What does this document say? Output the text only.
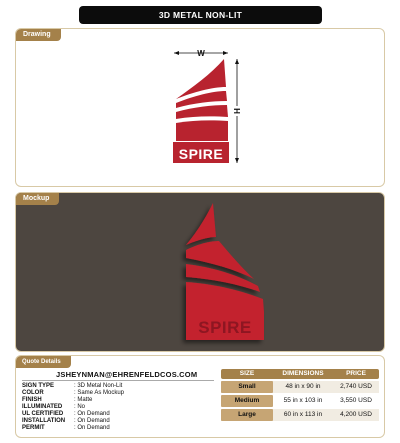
3D METAL NON-LIT
Drawing
W
H
SPIRE
Mockup
SPIRE
Quote Details
JSHEYNMAN@EHRENFELDCOS.COM
SIGN TYPE	: 3D Metal Non-Lit
COLOR	: Same As Mockup
FINISH	: Matte
ILLUMINATED	: No
UL CERTIFIED	: On Demand
INSTALLATION	: On Demand
PERMIT	: On Demand
SIZE	DIMENSIONS	PRICE
Small	48 in x 90 in	2,740 USD
Medium	55 in x 103 in	3,550 USD
Large	60 in x 113 in	4,200 USD
